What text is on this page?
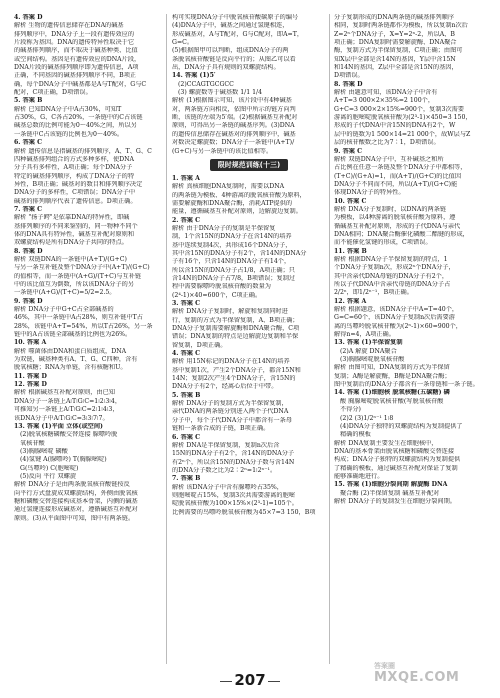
4. 答案 D
解析 生物的遗传信息储存在DNA的碱基
排列顺序中，DNA分子上一段有遗传效应的
片段称为基因。DNA的遗传特异性取决于它
的碱基排列顺序，而不取决于碱基种类、比值
或空间结构。基因是有遗传效应的DNA片段，
DNA片段的碱基排列顺序即为遗传信息，A项
正确，不同基因的碱基排列顺序不同，B项正
确，每个DNA分子中碱基都是A与T配对，G与C
配对，C项正确，D项错误。
5. 答案 B
解析 已知DNA分子中A占30%，可知T
占30%，G、C各占20%，一条链中的C占该链
碱基总数的比例可能为0～40%之间，所以另
一条链中C占该链的比例也为0～40%。
6. 答案 C
解析 遗传信息是指碱基的排列顺序，A、T、G、C
四种碱基排列组合的方式多种多样，使DNA
分子具有多样性，A项正确；每个DNA分子
特定的碱基排列顺序，构成了DNA分子的特
异性，B项正确；碱基对的数目和排列顺序决定
DNA分子的多样性，C项错误；DNA分子中
碱基的排列顺序代表了遗传信息。D项正确。
7. 答案 C
解析 "扬子鳄"是依靠DNA的特异性，即碱
基排列顺序的不同来鉴别的，同一物种不同个
体的DNA具有特异性，碱基互补配对原则和
双螺旋结构是所有DNA分子共同的特点。
8. 答案 D
解析 双链DNA的一条链中(A+T)/(G+C)
与另一条互补链及整个DNA分子中(A+T)/(G+C)
的值相等，而一条链中(A+G)/(T+C)与互补链
中的该比值互为倒数，所以该DNA分子的另
一条链中(A+G)/(T+C)=5/2=2.5。
9. 答案 D
解析 DNA分子中G+C占全部碱基的
46%，其中一条链中A占28%，则互补链中T占
28%，该链中A+T=54%，所以T占26%，另一条
链中的A占该链全部碱基的比例也为26%。
10. 答案 A
解析 噬菌体由DNA和蛋白质组成，DNA
为双链，碱基种类有A、T、G、C四种，含有
脱氧核糖；RNA为单链，含有核糖和U。
11. 答案 D
12. 答案 D
解析 根据碱基互补配对原则，由已知
DNA分子一条链上A∶T∶G∶C=1∶2∶3∶4，
可推知另一条链上A∶T∶G∶C=2∶1∶4∶3，
该DNA分子中A∶T∶G∶C=3∶3∶7∶7。
13. 答案 (1)平面 立体(或空间)
(2)脱氧核糖磷酸交替连接 腺嘌呤脱
氧核苷酸
(3)胸腺嘧啶 磷酸
(4)氢键 A(腺嘌呤) T(胸腺嘧啶)
G(鸟嘌呤) C(胞嘧啶)
(5)反向 平行 双螺旋
解析 DNA分子是由两条脱氧核苷酸链按反
向平行方式盘旋成双螺旋结构，外侧由脱氧核
糖和磷酸交替连接构成基本骨架，内侧的碱基
通过氢键连接形成碱基对，遵循碱基互补配对
原则。(3)从平面图中可知，图中有两条链。
构可实现DNA分子中脱氧核苷酸碳原子的编号
(4)DNA分子中，碱基之间通过氢键相连，
形成碱基对，A与T配对，G与C配对，即A=T，
G=C。
(5)根据图甲可以判断，组成DNA分子的两
条脱氧核苷酸链是反向平行的；从图乙可以看
出，DNA分子具有规则的双螺旋结构。
14. 答案 (1)5′
(2)CCAGTGCGCC
(3) 螺旋数等于碱基数 1/1 1/4
解析 (1)根据图示可知，该片段中有4种碱基
对，两条链方向相反，依图中所示的链方向判
断，该链的左端为5′端。(2)根据碱基互补配对
原则，可得出另一条链的碱基序列。(3)DNA
的遗传信息储存在碱基对的排列顺序中，碱基
对数决定螺旋数；DNA分子一条链中(A+T)/
(G+C)与另一条链中的该比值相等。
限时规范训练(十三)
1. 答案 A
解析 真核细胞DNA复制时，需要以DNA
的两条链为模板、4种游离的脱氧核苷酸为原料，
需要解旋酶和DNA聚合酶，消耗ATP提供的
能量，遵循碱基互补配对原则，边解旋边复制。
2. 答案 C
解析 由于DNA分子的复制是半保留复
制，1个含15N的DNA分子在含14N的培养
基中连续复制4次，共形成16个DNA分子，
其中含15N的DNA分子有2个，含14N的DNA分
子有16个，只含14N的DNA分子有14个，
所以含15N的DNA分子占1/8，A项正确；只
含14N的DNA分子占7/8，B项错误；复制过
程中需要腺嘌呤脱氧核苷酸的数量为
(2⁴-1)×40=600个，C项正确。
3. 答案 C
解析 DNA分子复制时，解旋和复制同时进
行，复制的方式为半保留复制，A、B项正确；
DNA分子复制需要解旋酶和DNA聚合酶，C项
错误；DNA复制的特点是边解旋边复制和半保
留复制，D项正确。
4. 答案 C
解析 用15N标记的DNA分子在14N的培养
基中复制1次，产生2个DNA分子，都含15N和
14N；复制2次产生4个DNA分子，含15N的
DNA分子有2个，经离心后位于中带。
5. 答案 B
解析 DNA分子的复制方式为半保留复制，
亲代DNA的两条链分别进入两个子代DNA
分子中，每个子代DNA分子中都含有一条母
链和一条新合成的子链，B项正确。
6. 答案 C
解析 DNA是半保留复制，复制n次后含
15N的DNA分子有2个，含14N的DNA分子
有2ⁿ个，所以含15N的DNA分子数与含14N
的DNA分子数之比为2∶2ⁿ=1∶2ⁿ⁻¹。
7. 答案 B
解析 该DNA分子中含有腺嘌呤占35%，
则胞嘧啶占15%，复制3次共需要游离的胞嘧
啶脱氧核苷酸为100×15%×(2³-1)=105个。
比例需要的鸟嘌呤脱氧核苷酸为45×7=3 150，B项
分子复制形成的DNA两条链的碱基排列顺序
相同，复制时两条链都作为模板，所以复制n次后
Z=2ⁿ个DNA分子，X=Y=2ⁿ-2，所以A、B
项正确；DNA复制时需要解旋酶、DNA聚合
酶，复制方式为半保留复制，C项正确；由图可
知X层中全部是含14N的基因，Y层中含15N
和14N的基因，Z层中全部是含15N的基因，
D项错误。
8. 答案 D
解析 由题意可知，该DNA分子中含有
A+T=3 000×2×35%=2 100个，
G+C=3 000×2×15%=900个，复制3次需要
游离的胞嘧啶脱氧核苷酸为(2³-1)×450=3 150，
形成的子代DNA中含15N的DNA有2个，W
层中的链数为1 500×14=21 000个，故W层与Z
层的核苷酸数之比为7∶1，D项错误。
9. 答案 C
解析 双链DNA分子中，互补碱基之和所
占比例在任意一条链及整个DNA分子中都相等，
(T+C)/(G+A)=1，而(A+T)/(G+C)的比值因
DNA分子不同而不同，所以(A+T)/(G+C)能
体现DNA分子的特异性。
10. 答案 C
解析 DNA分子复制时，以DNA的两条链
为模板，以4种游离的脱氧核苷酸为原料，遵
循碱基互补配对原则，形成的子代DNA与亲代
DNA相同；DNA聚合酶催化磷酸二酯键的形成，
而不能催化氢键的形成，C项错误。
11. 答案 B
解析 根据DNA分子半保留复制的特点，1
个DNA分子复制n次，形成2ⁿ个DNA分子，
其中含亲代DNA母链的DNA分子有2个，
所以子代DNA中含亲代母链的DNA分子占
2/2ⁿ，即1/2ⁿ⁻¹，B项正确。
12. 答案 A
解析 根据题意，该DNA分子中A=T=40个，
G=C=60个，该DNA分子复制n次后需要游
离的鸟嘌呤脱氧核苷酸为(2ⁿ-1)×60=900个，
解得n=4，A项正确。
13. 答案 (1)半保留复制
(2)A 解旋 DNA聚合
(3)胸腺嘧啶脱氧核苷酸
解析 由图可知，DNA复制的方式为半保留
复制；A酶是解旋酶，B酶是DNA聚合酶；
图中复制后的DNA分子都含有一条母链和一条子链。
14. 答案 (1)细胞核 脱氧核糖(五碳糖) 磷
酸 胸腺嘧啶脱氧核苷酸(写脱氧核苷酸
不得分)
(2)2 (3)1/2ⁿ⁻¹ 1∶8
(4)DNA分子独特的双螺旋结构为复制提供了
精确的模板
解析 DNA复制主要发生在细胞核中，
DNA的基本骨架由脱氧核糖和磷酸交替连接
构成；DNA分子独特的双螺旋结构为复制提供
了精确的模板，通过碱基互补配对保证了复制
能够准确地进行。
15. 答案 (1)细胞分裂间期 解旋酶 DNA
聚合酶 (2)半保留复制 碱基互补配对
解析 DNA分子的复制发生在细胞分裂间期。
207
答案圈
MXQE.COM
